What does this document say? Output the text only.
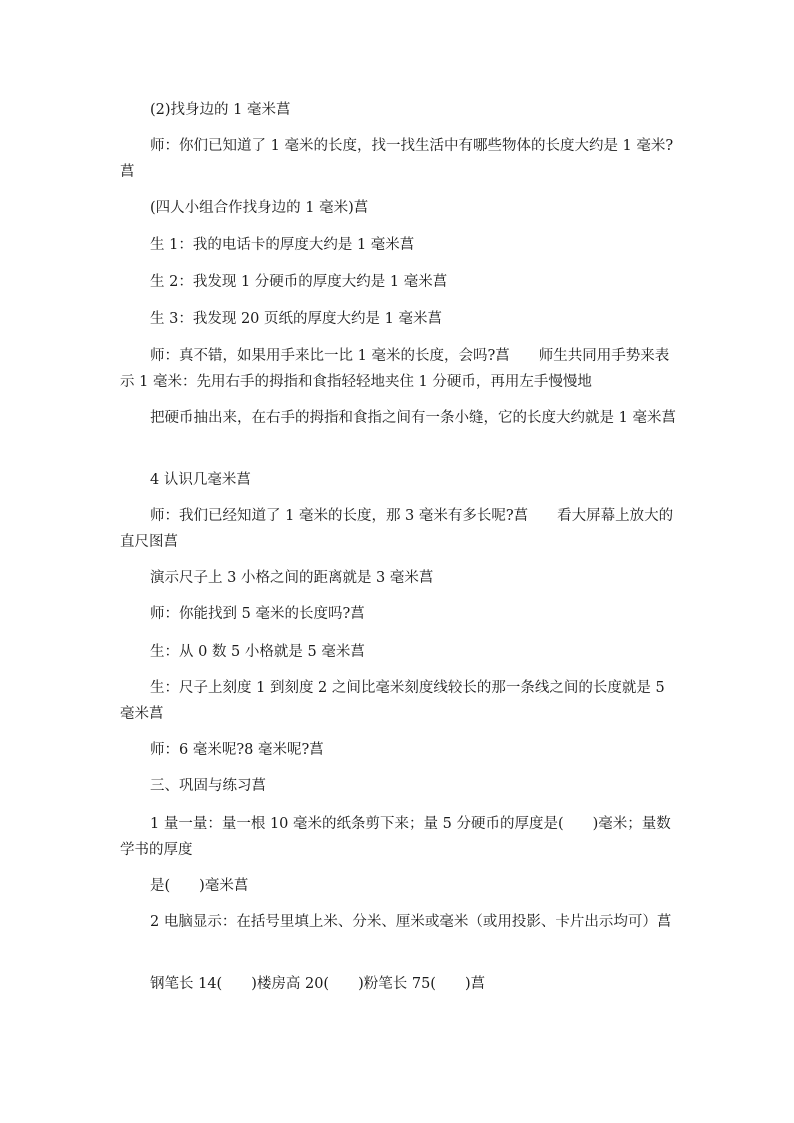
(2)找身边的 1 毫米菖

师：你们已知道了 1 毫米的长度，找一找生活中有哪些物体的长度大约是 1 毫米?菖

(四人小组合作找身边的 1 毫米)菖

生 1：我的电话卡的厚度大约是 1 毫米菖

生 2：我发现 1 分硬币的厚度大约是 1 毫米菖

生 3：我发现 20 页纸的厚度大约是 1 毫米菖

师：真不错，如果用手来比一比 1 毫米的长度，会吗?菖　　师生共同用手势来表示 1 毫米：先用右手的拇指和食指轻轻地夹住 1 分硬币，再用左手慢慢地

把硬币抽出来，在右手的拇指和食指之间有一条小缝，它的长度大约就是 1 毫米菖

4 认识几毫米菖

师：我们已经知道了 1 毫米的长度，那 3 毫米有多长呢?菖　　看大屏幕上放大的直尺图菖

演示尺子上 3 小格之间的距离就是 3 毫米菖

师：你能找到 5 毫米的长度吗?菖

生：从 0 数 5 小格就是 5 毫米菖

生：尺子上刻度 1 到刻度 2 之间比毫米刻度线较长的那一条线之间的长度就是 5 毫米菖

师：6 毫米呢?8 毫米呢?菖

三、巩固与练习菖

1 量一量：量一根 10 毫米的纸条剪下来；量 5 分硬币的厚度是(　　)毫米；量数学书的厚度

是(　　)毫米菖

2 电脑显示：在括号里填上米、分米、厘米或毫米（或用投影、卡片出示均可）菖

钢笔长 14(　　)楼房高 20(　　)粉笔长 75(　　)菖
